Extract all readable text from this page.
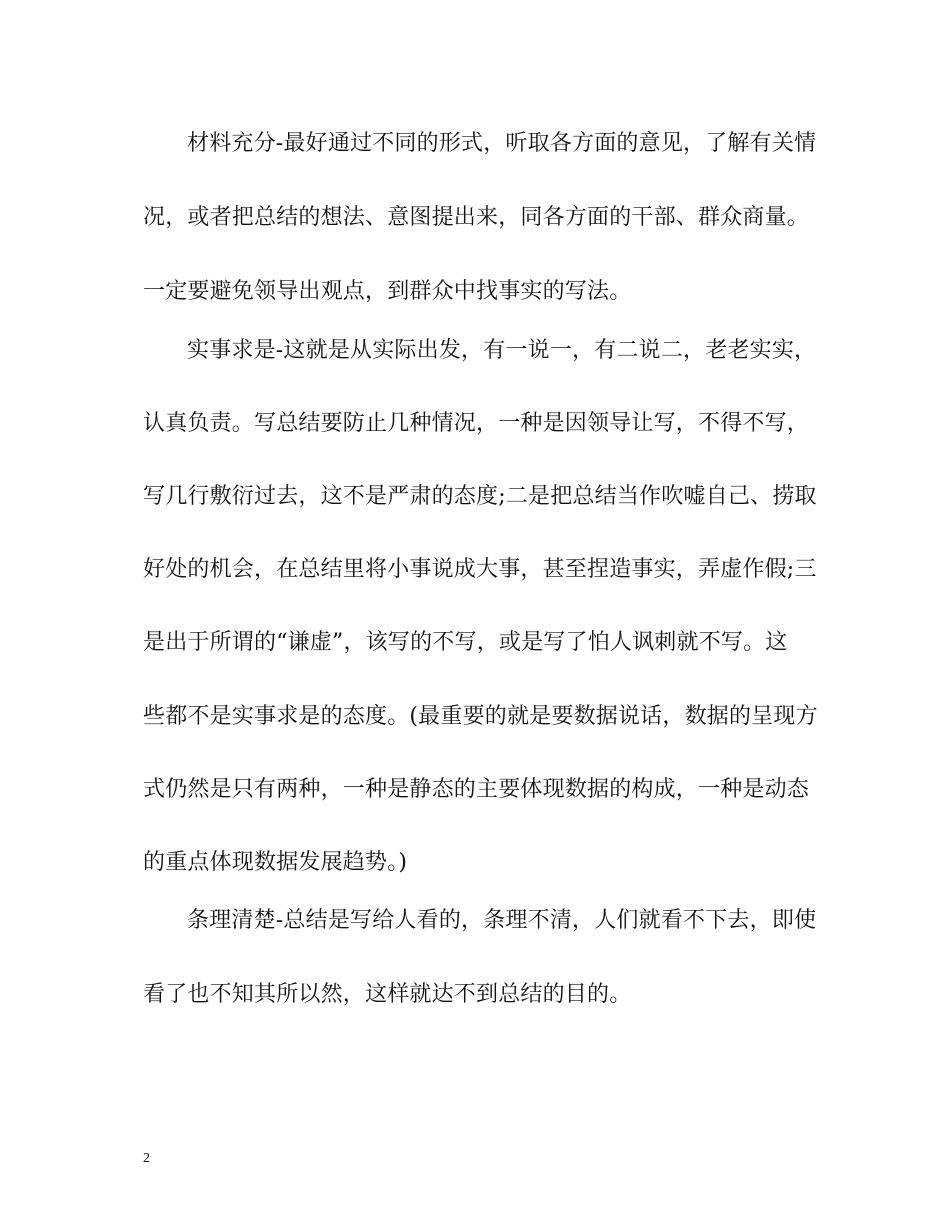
材料充分-最好通过不同的形式，听取各方面的意见，了解有关情
况，或者把总结的想法、意图提出来，同各方面的干部、群众商量。
一定要避免领导出观点，到群众中找事实的写法。
实事求是-这就是从实际出发，有一说一，有二说二，老老实实，
认真负责。写总结要防止几种情况，一种是因领导让写，不得不写，
写几行敷衍过去，这不是严肃的态度;二是把总结当作吹嘘自己、捞取
好处的机会，在总结里将小事说成大事，甚至捏造事实，弄虚作假;三
是出于所谓的“谦虚”，该写的不写，或是写了怕人讽刺就不写。这
些都不是实事求是的态度。(最重要的就是要数据说话，数据的呈现方
式仍然是只有两种，一种是静态的主要体现数据的构成，一种是动态
的重点体现数据发展趋势。)
条理清楚-总结是写给人看的，条理不清，人们就看不下去，即使
看了也不知其所以然，这样就达不到总结的目的。
2
